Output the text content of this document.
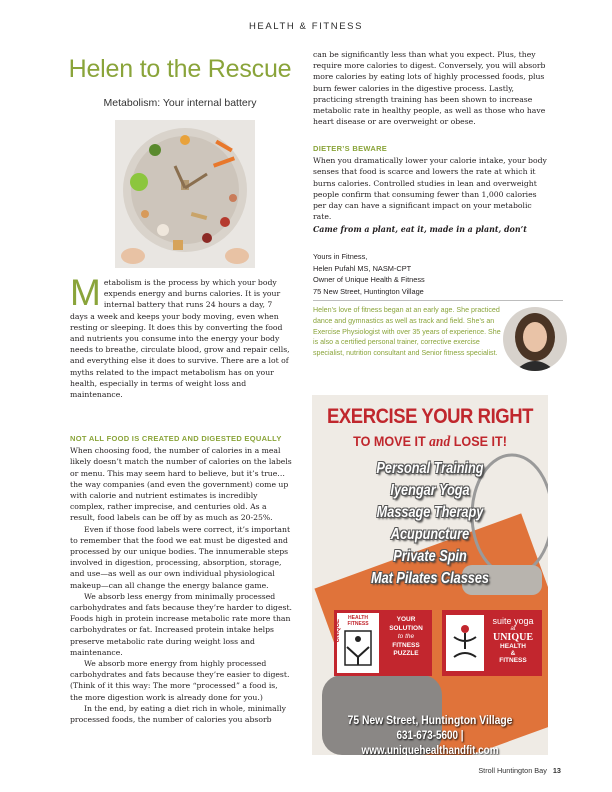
HEALTH & FITNESS
Helen to the Rescue
Metabolism: Your internal battery

Metabolism is the process by which your body expends energy and burns calories. It is your internal battery that runs 24 hours a day, 7 days a week and keeps your body moving, even when resting or sleeping. It does this by converting the food and nutrients you consume into the energy your body needs to breathe, circulate blood, grow and repair cells, and everything else it does to survive. There are a lot of myths related to the impact metabolism has on your health, especially in terms of weight loss and maintenance.

NOT ALL FOOD IS CREATED AND DIGESTED EQUALLY

When choosing food, the number of calories in a meal likely doesn’t match the number of calories on the labels or menu. This may seem hard to believe, but it’s true… the way companies (and even the government) come up with calorie and nutrient estimates is incredibly complex, rather imprecise, and centuries old. As a result, food labels can be off by as much as 20-25%.

Even if those food labels were correct, it’s important to remember that the food we eat must be digested and processed by our unique bodies. The innumerable steps involved in digestion, processing, absorption, storage, and use—as well as our own individual physiological makeup—can all change the energy balance game.

We absorb less energy from minimally processed carbohydrates and fats because they’re harder to digest. Foods high in protein increase metabolic rate more than carbohydrates or fat. Increased protein intake helps preserve metabolic rate during weight loss and maintenance.

We absorb more energy from highly processed carbohydrates and fats because they’re easier to digest. (Think of it this way: The more “processed” a food is, the more digestion work is already done for you.)

In the end, by eating a diet rich in whole, minimally processed foods, the number of calories you absorb

can be significantly less than what you expect. Plus, they require more calories to digest. Conversely, you will absorb more calories by eating lots of highly processed foods, plus burn fewer calories in the digestive process. Lastly, practicing strength training has been shown to increase metabolic rate in healthy people, as well as those who have heart disease or are overweight or obese.

DIETER’S BEWARE

When you dramatically lower your calorie intake, your body senses that food is scarce and lowers the rate at which it burns calories. Controlled studies in lean and overweight people confirm that consuming fewer than 1,000 calories per day can have a significant impact on your metabolic rate.

Came from a plant, eat it, made in a plant, don’t
Yours in Fitness,
Helen Pufahl MS, NASM-CPT
Owner of Unique Health & Fitness
75 New Street, Huntington Village
Helen’s love of fitness began at an early age. She practiced dance and gymnastics as well as track and field. She’s an Exercise Physiologist with over 35 years of experience. She is also a certified personal trainer, corrective exercise specialist, nutrition consultant and Senior fitness specialist.
EXERCISE YOUR RIGHT
TO MOVE IT and LOSE IT!
Personal Training
Iyengar Yoga
Massage Therapy
Acupuncture
Private Spin
Mat Pilates Classes
HEALTH FITNESS
UNIQUE	YOUR
SOLUTION
to the
FITNESS
PUZZLE
suite yoga
at
UNIQUE
HEALTH
&
FITNESS
75 New Street, Huntington Village
631-673-5600 | www.uniquehealthandfit.com
Stroll Huntington Bay 13
